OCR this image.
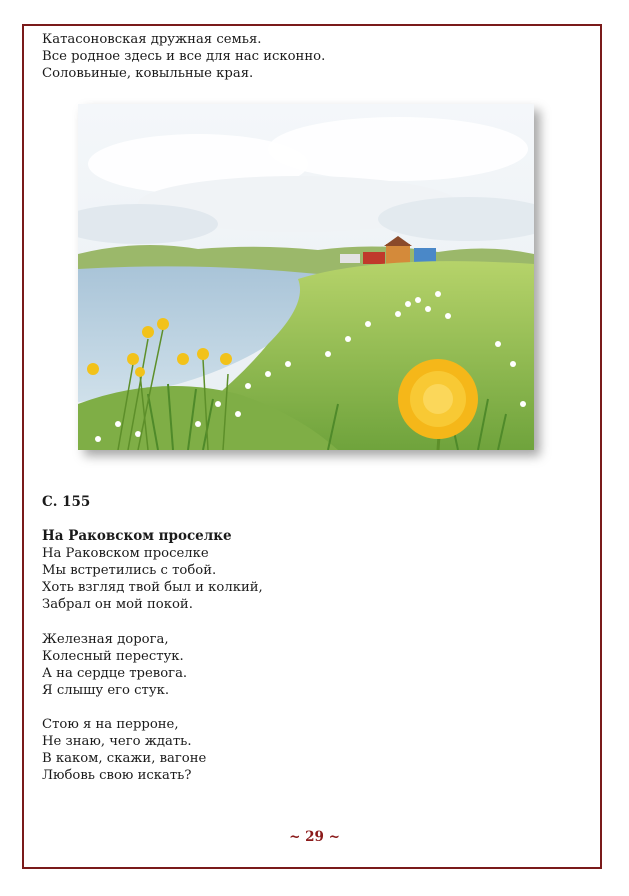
Катасоновская дружная семья.
Все родное здесь и все для нас исконно.
Соловьиные, ковыльные края.
С. 155
На Раковском проселке
На Раковском проселке
Мы встретились с тобой.
Хоть взгляд твой был и колкий,
Забрал он мой покой.
Железная дорога,
Колесный перестук.
А на сердце тревога.
Я слышу его стук.
Стою я на перроне,
Не знаю, чего ждать.
В каком, скажи, вагоне
Любовь свою искать?
~ 29 ~
